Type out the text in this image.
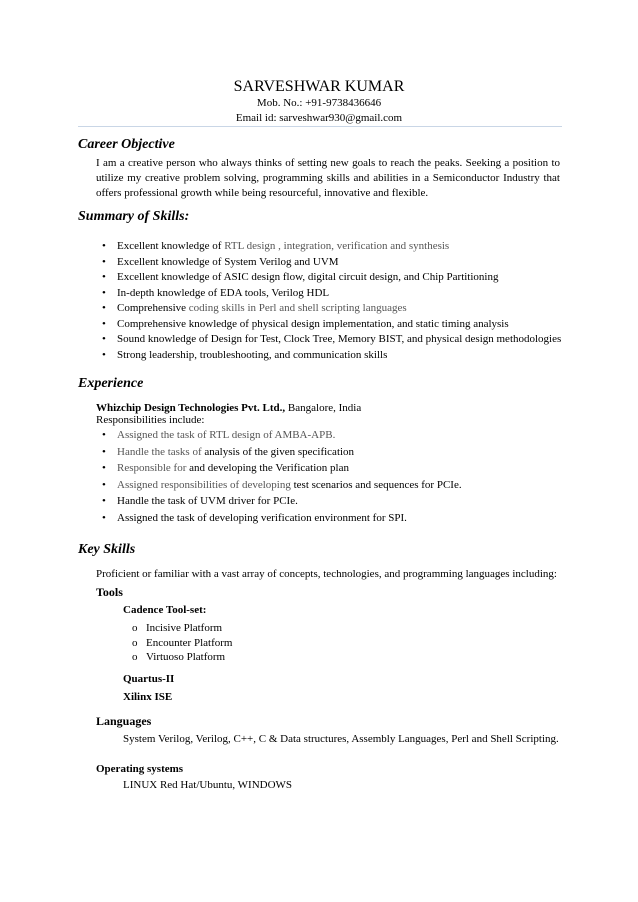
SARVESHWAR KUMAR
Mob. No.: +91-9738436646
Email id: sarveshwar930@gmail.com
Career Objective
I am a creative person who always thinks of setting new goals to reach the peaks. Seeking a position to utilize my creative problem solving, programming skills and abilities in a Semiconductor Industry that offers professional growth while being resourceful, innovative and flexible.
Summary of Skills:
• Excellent knowledge of RTL design , integration, verification and synthesis
• Excellent knowledge of System Verilog and UVM
• Excellent knowledge of ASIC design flow, digital circuit design, and Chip Partitioning
• In-depth knowledge of EDA tools, Verilog HDL
• Comprehensive coding skills in Perl and shell scripting languages
• Comprehensive knowledge of physical design implementation, and static timing analysis
• Sound knowledge of Design for Test, Clock Tree, Memory BIST, and physical design methodologies
• Strong leadership, troubleshooting, and communication skills
Experience
Whizchip Design Technologies Pvt. Ltd., Bangalore, India
Responsibilities include:
• Assigned the task of RTL design of AMBA-APB.
• Handle the tasks of analysis of the given specification
• Responsible for and developing the Verification plan
• Assigned responsibilities of developing test scenarios and sequences for PCIe.
• Handle the task of UVM driver for PCIe.
• Assigned the task of developing verification environment for SPI.
Key Skills
Proficient or familiar with a vast array of concepts, technologies, and programming languages including:
Tools
Cadence Tool-set:
o Incisive Platform
o Encounter Platform
o Virtuoso Platform
Quartus-II
Xilinx ISE
Languages
System Verilog, Verilog, C++, C & Data structures, Assembly Languages, Perl and Shell Scripting.
Operating systems
LINUX Red Hat/Ubuntu, WINDOWS
